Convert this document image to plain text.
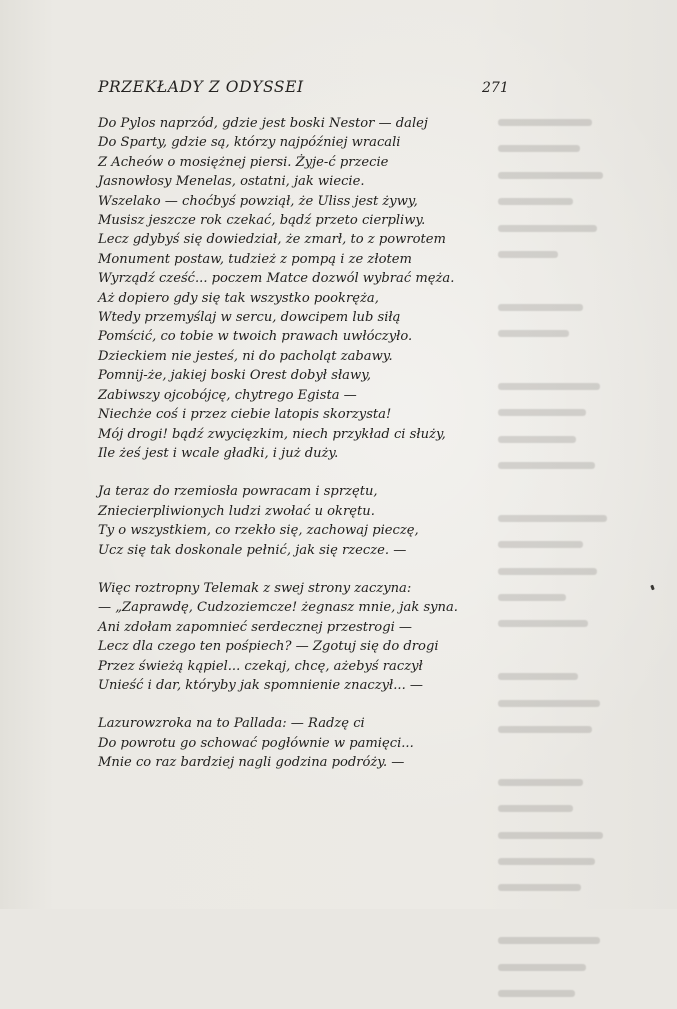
PRZEKŁADY Z ODYSSEI	271
Do Pylos naprzód, gdzie jest boski Nestor — dalej
Do Sparty, gdzie są, którzy najpóźniej wracali
Z Acheów o mosiężnej piersi. Żyje-ć przecie
Jasnowłosy Menelas, ostatni, jak wiecie.
Wszelako — choćbyś powziął, że Uliss jest żywy,
Musisz jeszcze rok czekać, bądź przeto cierpliwy.
Lecz gdybyś się dowiedział, że zmarł, to z powrotem
Monument postaw, tudzież z pompą i ze złotem
Wyrządź cześć... poczem Matce dozwól wybrać męża.
Aż dopiero gdy się tak wszystko pookręża,
Wtedy przemyślaj w sercu, dowcipem lub siłą
Pomścić, co tobie w twoich prawach uwłóczyło.
Dzieckiem nie jesteś, ni do pacholąt zabawy.
Pomnij-że, jakiej boski Orest dobył sławy,
Zabiwszy ojcobójcę, chytrego Egista —
Niechże coś i przez ciebie latopis skorzysta!
Mój drogi! bądź zwycięzkim, niech przykład ci służy,
Ile żeś jest i wcale gładki, i już duży.
Ja teraz do rzemiosła powracam i sprzętu,
Zniecierpliwionych ludzi zwołać u okrętu.
Ty o wszystkiem, co rzekło się, zachowaj pieczę,
Ucz się tak doskonale pełnić, jak się rzecze. —
Więc roztropny Telemak z swej strony zaczyna:
— „Zaprawdę, Cudzoziemcze! żegnasz mnie, jak syna.
Ani zdołam zapomnieć serdecznej przestrogi —
Lecz dla czego ten pośpiech? — Zgotuj się do drogi
Przez świeżą kąpiel... czekaj, chcę, ażebyś raczył
Unieść i dar, któryby jak spomnienie znaczył... —
Lazurowzroka na to Pallada: — Radzę ci
Do powrotu go schować pogłównie w pamięci...
Mnie co raz bardziej nagli godzina podróży. —
